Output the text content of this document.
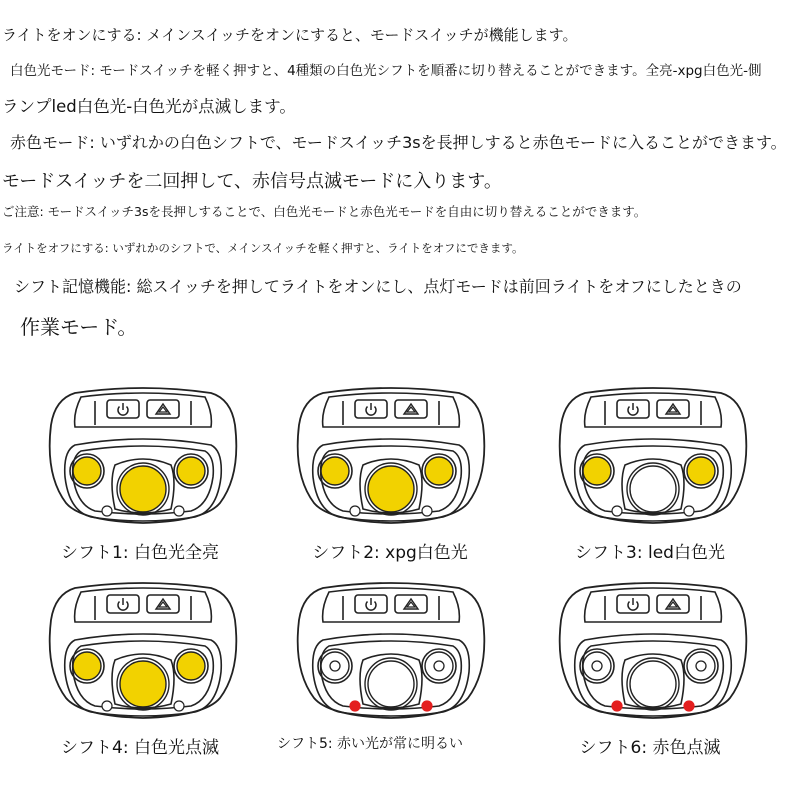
ライトをオンにする: メインスイッチをオンにすると、モードスイッチが機能します。
白色光モード: モードスイッチを軽く押すと、4種類の白色光シフトを順番に切り替えることができます。全亮-xpg白色光-側
ランプled白色光-白色光が点滅します。
赤色モード: いずれかの白色シフトで、モードスイッチ3sを長押しすると赤色モードに入ることができます。
モードスイッチを二回押して、赤信号点滅モードに入ります。
ご注意: モードスイッチ3sを長押しすることで、白色光モードと赤色光モードを自由に切り替えることができます。
ライトをオフにする: いずれかのシフトで、メインスイッチを軽く押すと、ライトをオフにできます。
シフト記憶機能: 総スイッチを押してライトをオンにし、点灯モードは前回ライトをオフにしたときの
作業モード。
シフト1: 白色光全亮	シフト2: xpg白色光	シフト3: led白色光
シフト4: 白色光点滅	シフト5: 赤い光が常に明るい	シフト6: 赤色点滅
